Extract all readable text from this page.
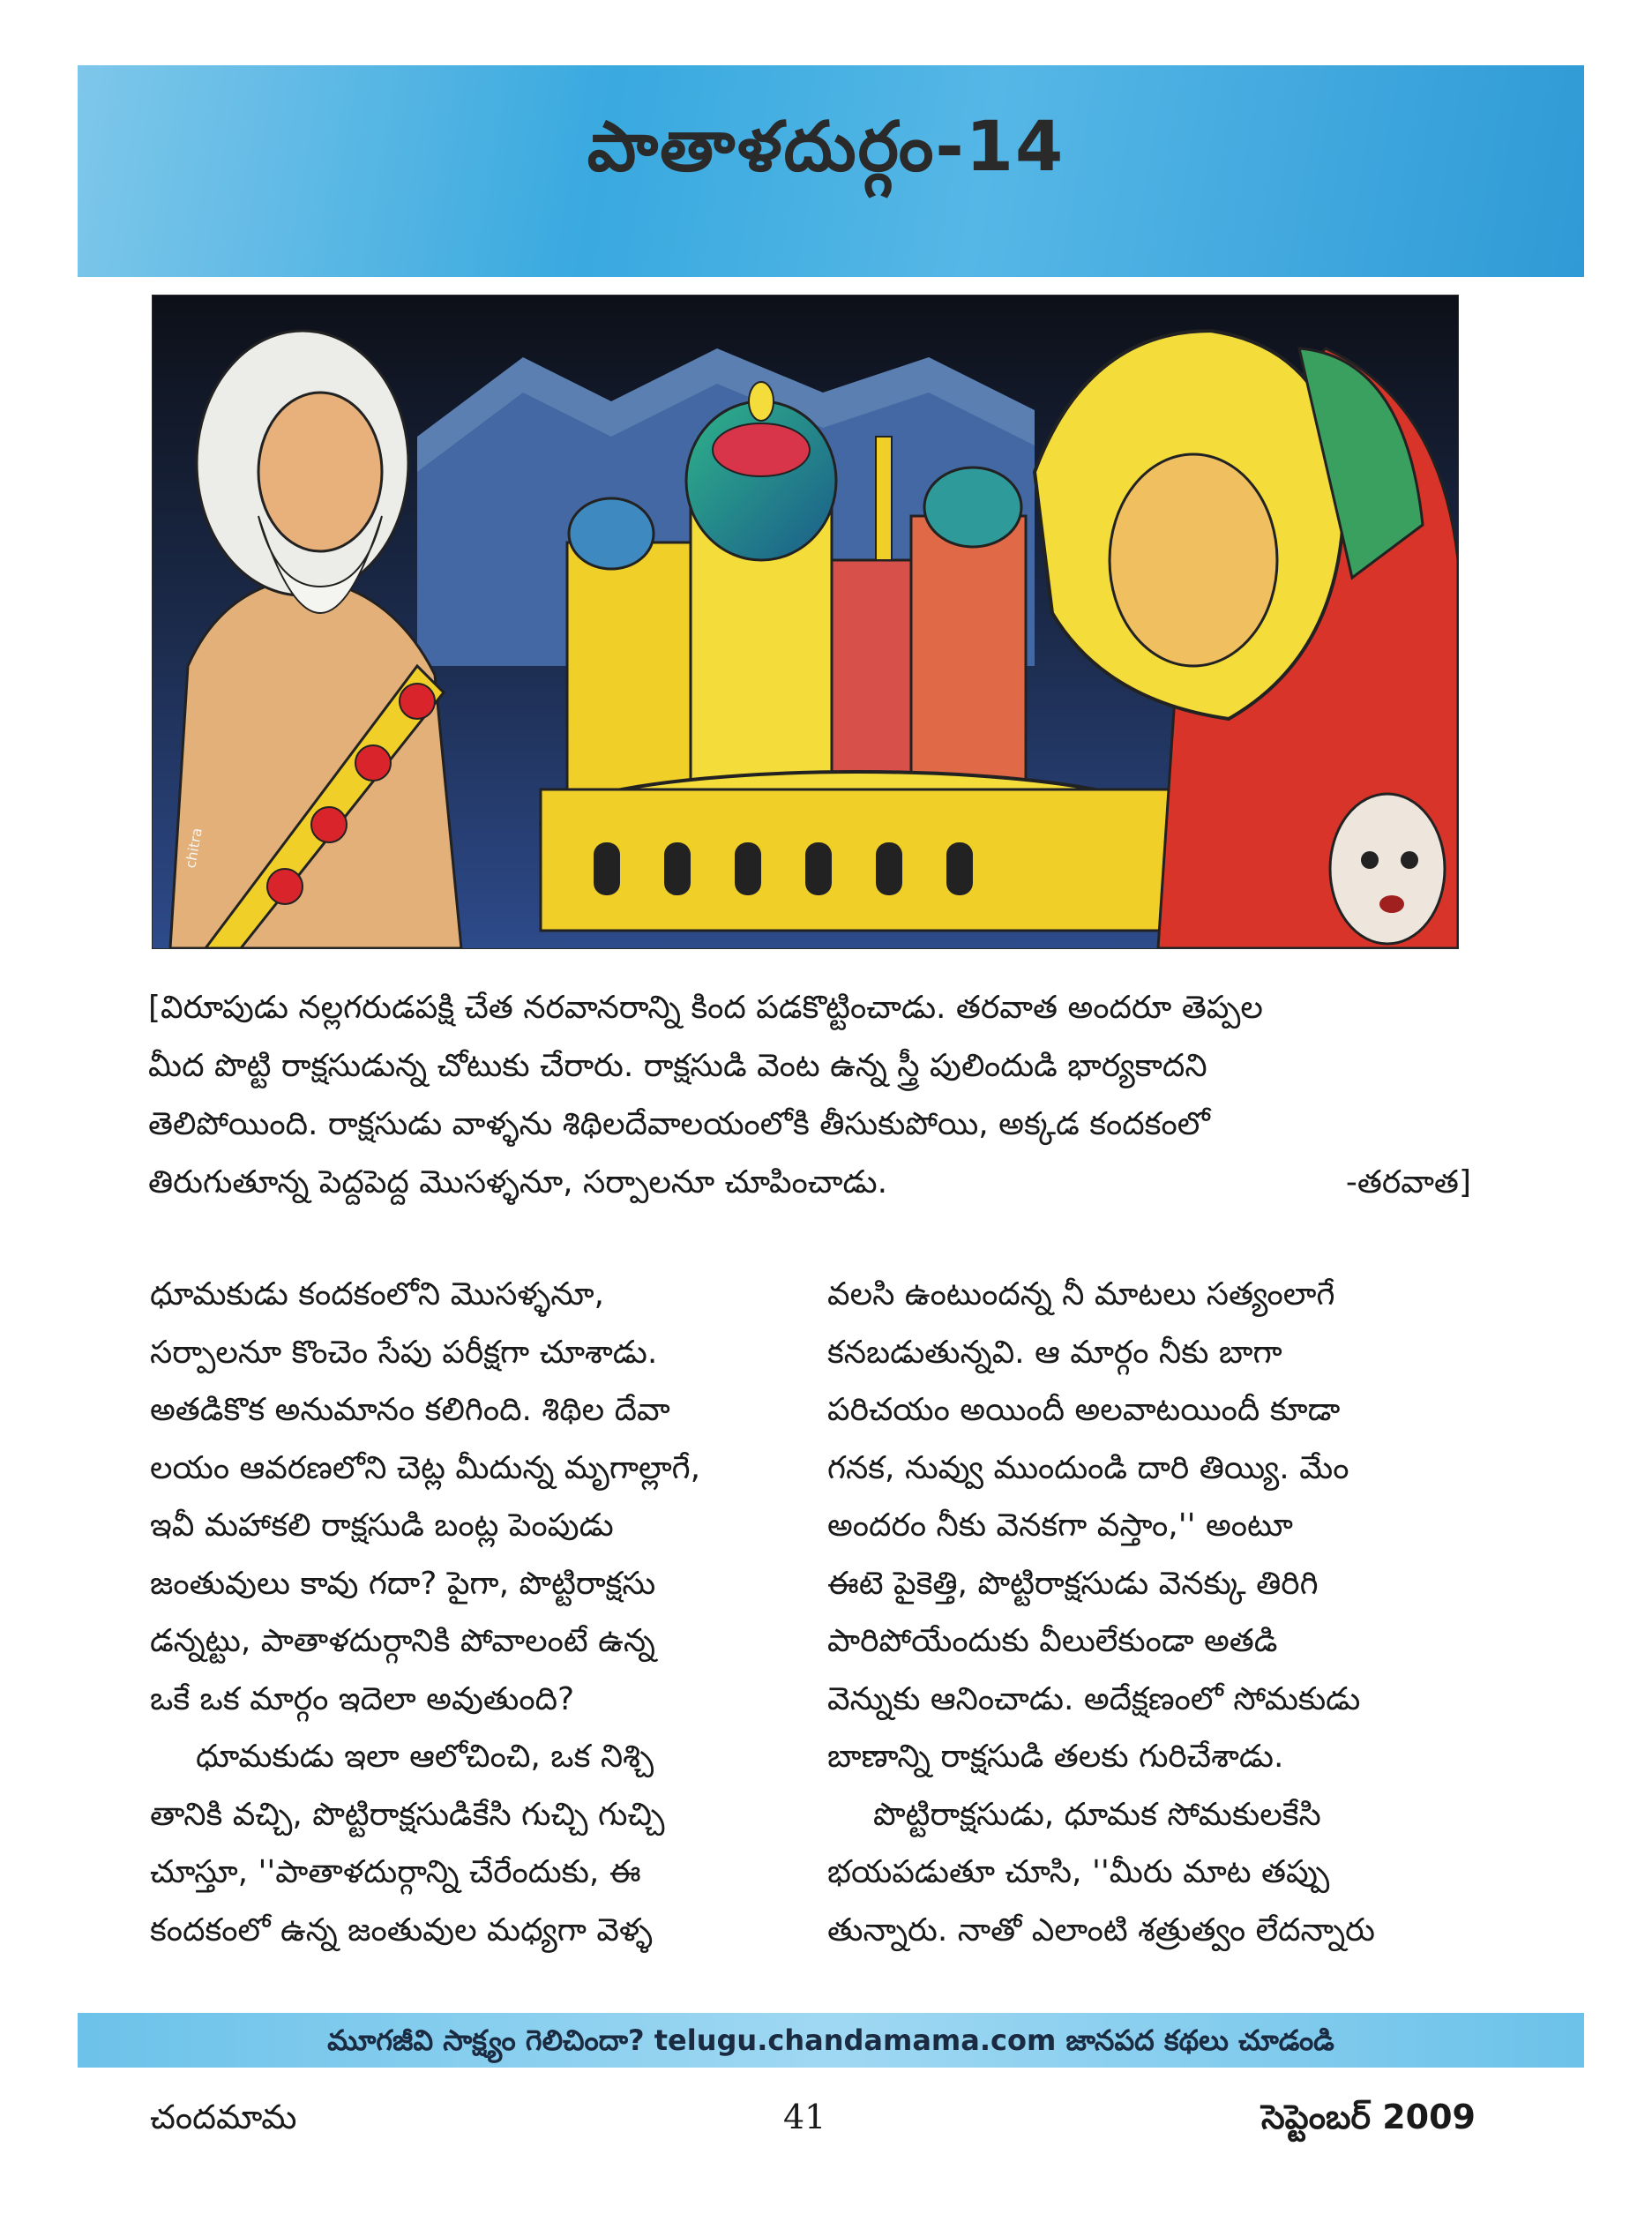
పాతాళదుర్గం-14
chitra
[విరూపుడు నల్లగరుడపక్షి చేత నరవానరాన్ని కింద పడకొట్టించాడు. తరవాత అందరూ తెప్పల
మీద పొట్టి రాక్షసుడున్న చోటుకు చేరారు. రాక్షసుడి వెంట ఉన్న స్త్రీ పులిందుడి భార్యకాదని
తెలిపోయింది. రాక్షసుడు వాళ్ళను శిథిలదేవాలయంలోకి తీసుకుపోయి, అక్కడ కందకంలో
తిరుగుతూన్న పెద్దపెద్ద మొసళ్ళనూ, సర్పాలనూ చూపించాడు.	-తరవాత]
ధూమకుడు కందకంలోని మొసళ్ళనూ,
సర్పాలనూ కొంచెం సేపు పరీక్షగా చూశాడు.
అతడికొక అనుమానం కలిగింది. శిథిల దేవా
లయం ఆవరణలోని చెట్ల మీదున్న మృగాల్లాగే,
ఇవీ మహాకలి రాక్షసుడి బంట్ల పెంపుడు
జంతువులు కావు గదా? పైగా, పొట్టిరాక్షసు
డన్నట్టు, పాతాళదుర్గానికి పోవాలంటే ఉన్న
ఒకే ఒక మార్గం ఇదెలా అవుతుంది?
ధూమకుడు ఇలా ఆలోచించి, ఒక నిశ్చి
తానికి వచ్చి, పొట్టిరాక్షసుడికేసి గుచ్చి గుచ్చి
చూస్తూ, ''పాతాళదుర్గాన్ని చేరేందుకు, ఈ
కందకంలో ఉన్న జంతువుల మధ్యగా వెళ్ళ
వలసి ఉంటుందన్న నీ మాటలు సత్యంలాగే
కనబడుతున్నవి. ఆ మార్గం నీకు బాగా
పరిచయం అయిందీ అలవాటయిందీ కూడా
గనక, నువ్వు ముందుండి దారి తియ్యి. మేం
అందరం నీకు వెనకగా వస్తాం,'' అంటూ
ఈటె పైకెత్తి, పొట్టిరాక్షసుడు వెనక్కు తిరిగి
పారిపోయేందుకు వీలులేకుండా అతడి
వెన్నుకు ఆనించాడు. అదేక్షణంలో సోమకుడు
బాణాన్ని రాక్షసుడి తలకు గురిచేశాడు.
పొట్టిరాక్షసుడు, ధూమక సోమకులకేసి
భయపడుతూ చూసి, ''మీరు మాట తప్పు
తున్నారు. నాతో ఎలాంటి శత్రుత్వం లేదన్నారు
మూగజీవి సాక్ష్యం గెలిచిందా? telugu.chandamama.com జానపద కథలు చూడండి
చందమామ	41	సెప్టెంబర్ 2009
